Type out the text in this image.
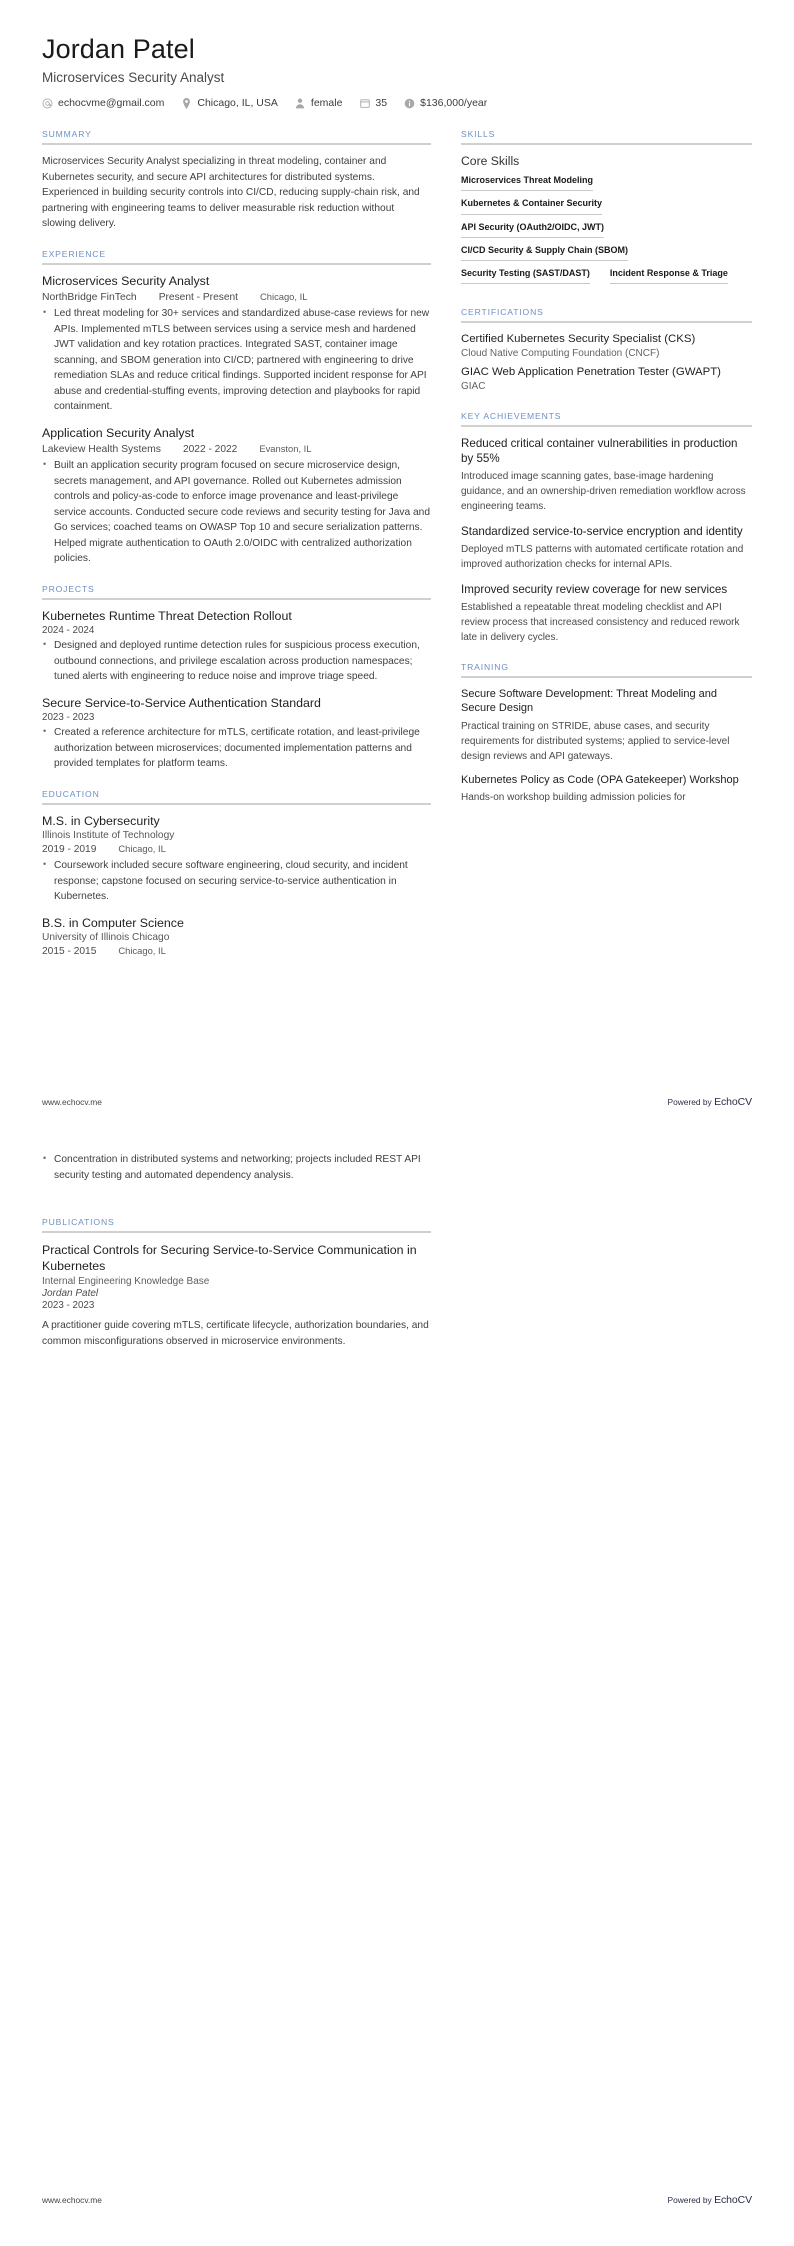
Jordan Patel
Microservices Security Analyst
echocvme@gmail.com	Chicago, IL, USA	female	35	$136,000/year
SUMMARY
Microservices Security Analyst specializing in threat modeling, container and Kubernetes security, and secure API architectures for distributed systems. Experienced in building security controls into CI/CD, reducing supply-chain risk, and partnering with engineering teams to deliver measurable risk reduction without slowing delivery.
EXPERIENCE
Microservices Security Analyst
NorthBridge FinTech Present - Present Chicago, IL
• Led threat modeling for 30+ services and standardized abuse-case reviews for new APIs. Implemented mTLS between services using a service mesh and hardened JWT validation and key rotation practices. Integrated SAST, container image scanning, and SBOM generation into CI/CD; partnered with engineering to drive remediation SLAs and reduce critical findings. Supported incident response for API abuse and credential-stuffing events, improving detection and playbooks for rapid containment.
Application Security Analyst
Lakeview Health Systems 2022 - 2022 Evanston, IL
• Built an application security program focused on secure microservice design, secrets management, and API governance. Rolled out Kubernetes admission controls and policy-as-code to enforce image provenance and least-privilege service accounts. Conducted secure code reviews and security testing for Java and Go services; coached teams on OWASP Top 10 and secure serialization patterns. Helped migrate authentication to OAuth 2.0/OIDC with centralized authorization policies.
PROJECTS
Kubernetes Runtime Threat Detection Rollout
2024 - 2024
• Designed and deployed runtime detection rules for suspicious process execution, outbound connections, and privilege escalation across production namespaces; tuned alerts with engineering to reduce noise and improve triage speed.
Secure Service-to-Service Authentication Standard
2023 - 2023
• Created a reference architecture for mTLS, certificate rotation, and least-privilege authorization between microservices; documented implementation patterns and provided templates for platform teams.
EDUCATION
M.S. in Cybersecurity
Illinois Institute of Technology
2019 - 2019 Chicago, IL
• Coursework included secure software engineering, cloud security, and incident response; capstone focused on securing service-to-service authentication in Kubernetes.
B.S. in Computer Science
University of Illinois Chicago
2015 - 2015 Chicago, IL
SKILLS
Core Skills
Microservices Threat Modeling
Kubernetes & Container Security
API Security (OAuth2/OIDC, JWT)
CI/CD Security & Supply Chain (SBOM)
Security Testing (SAST/DAST) Incident Response & Triage
CERTIFICATIONS
Certified Kubernetes Security Specialist (CKS)
Cloud Native Computing Foundation (CNCF)
GIAC Web Application Penetration Tester (GWAPT)
GIAC
KEY ACHIEVEMENTS
Reduced critical container vulnerabilities in production by 55%
Introduced image scanning gates, base-image hardening guidance, and an ownership-driven remediation workflow across engineering teams.
Standardized service-to-service encryption and identity
Deployed mTLS patterns with automated certificate rotation and improved authorization checks for internal APIs.
Improved security review coverage for new services
Established a repeatable threat modeling checklist and API review process that increased consistency and reduced rework late in delivery cycles.
TRAINING
Secure Software Development: Threat Modeling and Secure Design
Practical training on STRIDE, abuse cases, and security requirements for distributed systems; applied to service-level design reviews and API gateways.
Kubernetes Policy as Code (OPA Gatekeeper) Workshop
Hands-on workshop building admission policies for
www.echocv.me	Powered by EchoCV
• Concentration in distributed systems and networking; projects included REST API security testing and automated dependency analysis.
PUBLICATIONS
Practical Controls for Securing Service-to-Service Communication in Kubernetes
Internal Engineering Knowledge Base
Jordan Patel
2023 - 2023
A practitioner guide covering mTLS, certificate lifecycle, authorization boundaries, and common misconfigurations observed in microservice environments.
www.echocv.me	Powered by EchoCV
